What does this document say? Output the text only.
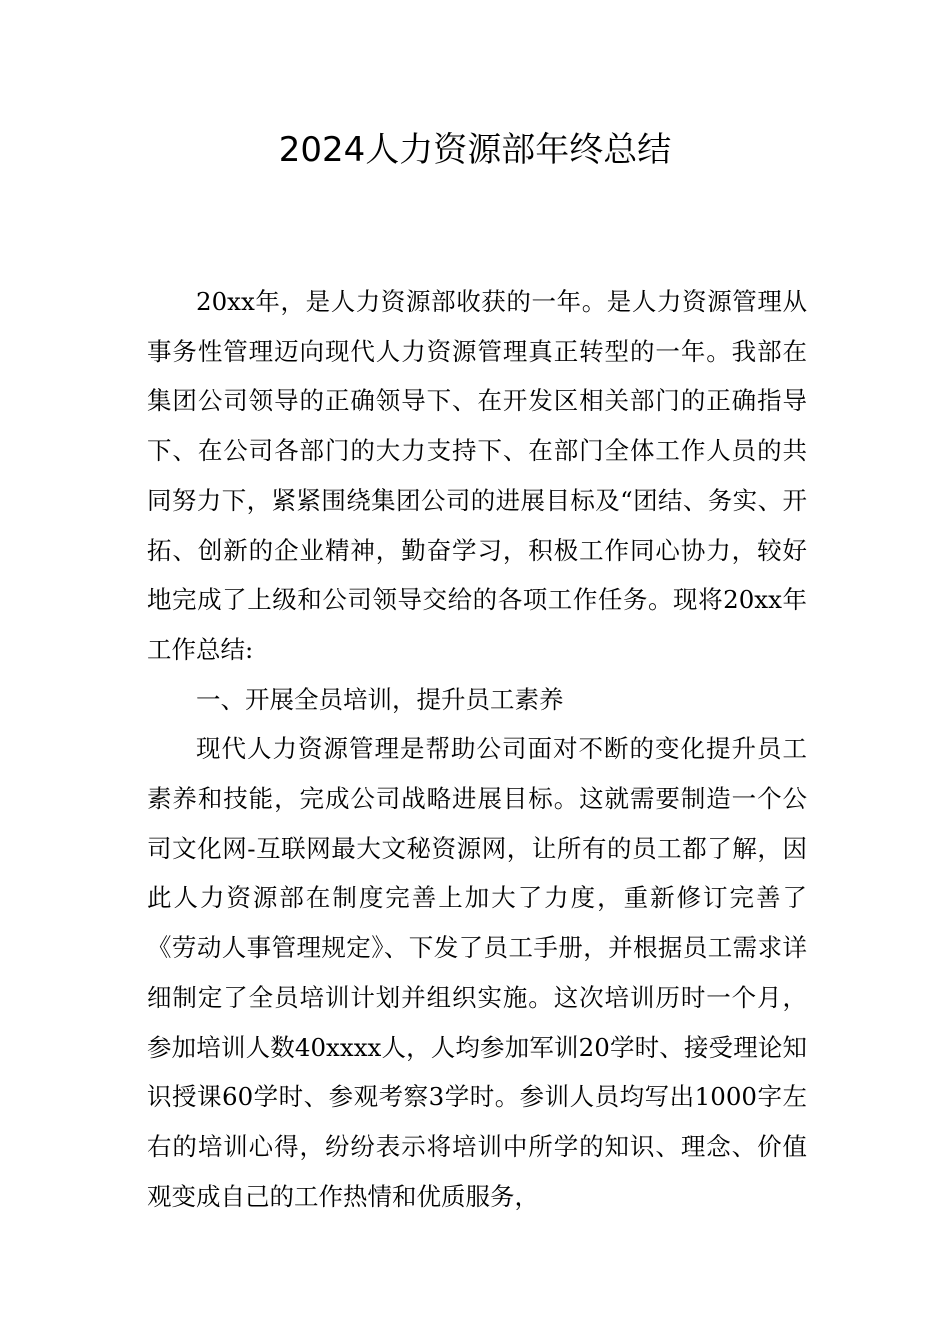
2024人力资源部年终总结

20xx年，是人力资源部收获的一年。是人力资源管理从事务性管理迈向现代人力资源管理真正转型的一年。我部在集团公司领导的正确领导下、在开发区相关部门的正确指导下、在公司各部门的大力支持下、在部门全体工作人员的共同努力下，紧紧围绕集团公司的进展目标及“团结、务实、开拓、创新的企业精神，勤奋学习，积极工作同心协力，较好地完成了上级和公司领导交给的各项工作任务。现将20xx年工作总结:

一、开展全员培训，提升员工素养

现代人力资源管理是帮助公司面对不断的变化提升员工素养和技能，完成公司战略进展目标。这就需要制造一个公司文化网-互联网最大文秘资源网，让所有的员工都了解，因此人力资源部在制度完善上加大了力度，重新修订完善了《劳动人事管理规定》、下发了员工手册，并根据员工需求详细制定了全员培训计划并组织实施。这次培训历时一个月，参加培训人数40xxxx人，人均参加军训20学时、接受理论知识授课60学时、参观考察3学时。参训人员均写出1000字左右的培训心得，纷纷表示将培训中所学的知识、理念、价值观变成自己的工作热情和优质服务，
